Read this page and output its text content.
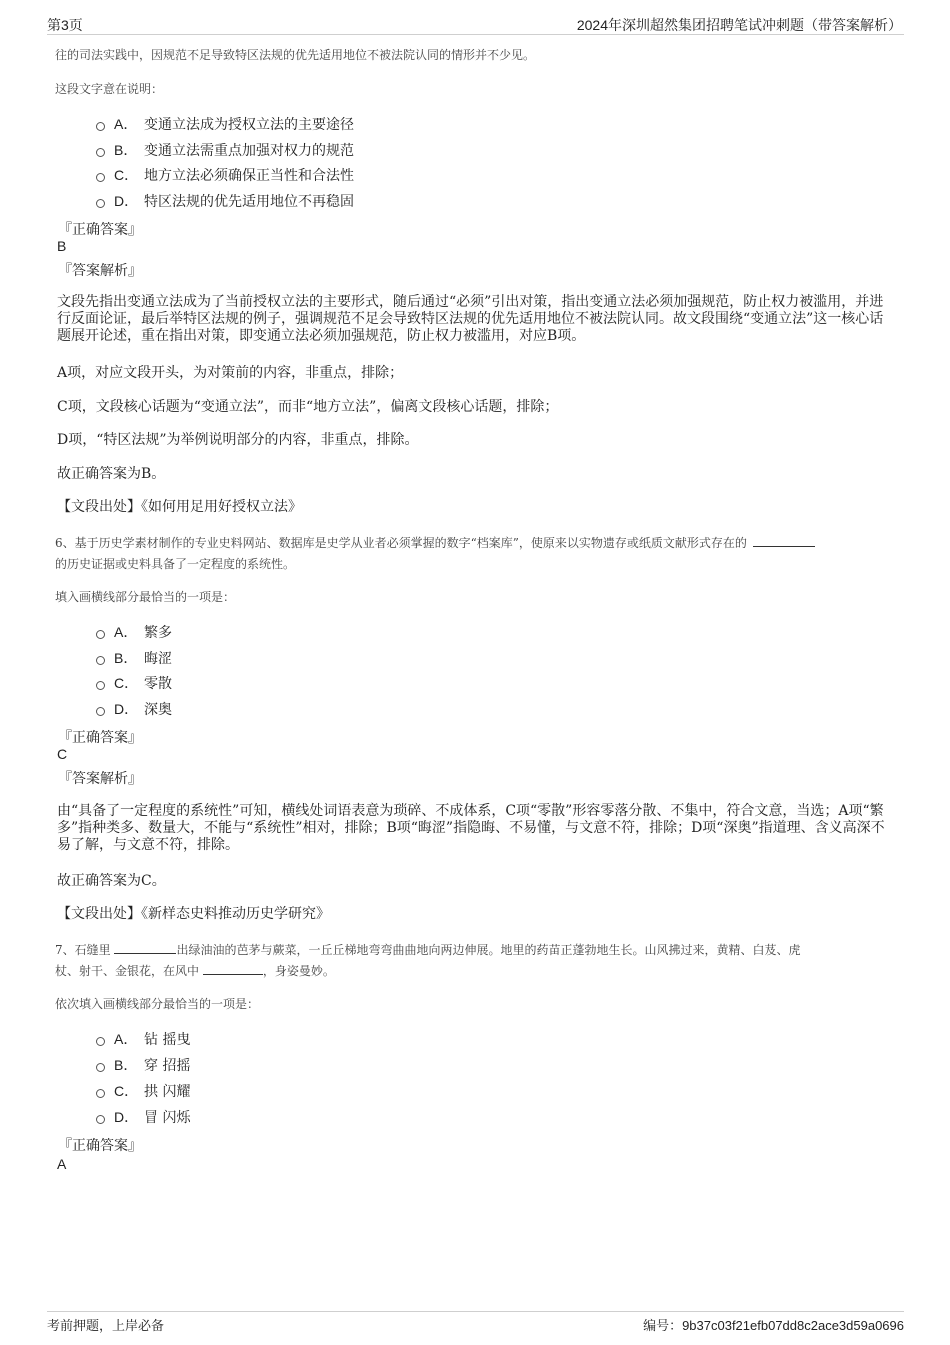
第3页	2024年深圳超然集团招聘笔试冲刺题（带答案解析）
往的司法实践中，因规范不足导致特区法规的优先适用地位不被法院认同的情形并不少见。
这段文字意在说明：
A． 变通立法成为授权立法的主要途径
B． 变通立法需重点加强对权力的规范
C． 地方立法必须确保正当性和合法性
D． 特区法规的优先适用地位不再稳固
『正确答案』
B
『答案解析』
文段先指出变通立法成为了当前授权立法的主要形式，随后通过“必须”引出对策，指出变通立法必须加强规范，防止权力被滥用，并进行反面论证，最后举特区法规的例子，强调规范不足会导致特区法规的优先适用地位不被法院认同。故文段围绕“变通立法”这一核心话题展开论述，重在指出对策，即变通立法必须加强规范，防止权力被滥用，对应B项。
A项，对应文段开头，为对策前的内容，非重点，排除；
C项，文段核心话题为“变通立法”，而非“地方立法”，偏离文段核心话题，排除；
D项，“特区法规”为举例说明部分的内容，非重点，排除。
故正确答案为B。
【文段出处】《如何用足用好授权立法》
6、基于历史学素材制作的专业史料网站、数据库是史学从业者必须掌握的数字“档案库”，使原来以实物遗存或纸质文献形式存在的
的历史证据或史料具备了一定程度的系统性。
填入画横线部分最恰当的一项是：
A． 繁多
B． 晦涩
C． 零散
D． 深奥
『正确答案』
C
『答案解析』
由“具备了一定程度的系统性”可知，横线处词语表意为琐碎、不成体系，C项“零散”形容零落分散、不集中，符合文意，当选；A项“繁多”指种类多、数量大，不能与“系统性”相对，排除；B项“晦涩”指隐晦、不易懂，与文意不符，排除；D项“深奥”指道理、含义高深不易了解，与文意不符，排除。
故正确答案为C。
【文段出处】《新样态史料推动历史学研究》
7、石缝里	出绿油油的芭茅与蕨菜，一丘丘梯地弯弯曲曲地向两边伸展。地里的药苗正蓬勃地生长。山风拂过来，黄精、白芨、虎
杖、射干、金银花，在风中	，身姿曼妙。
依次填入画横线部分最恰当的一项是：
A． 钻 摇曳
B． 穿 招摇
C． 拱 闪耀
D． 冒 闪烁
『正确答案』
A
考前押题，上岸必备	编号：9b37c03f21efb07dd8c2ace3d59a0696
